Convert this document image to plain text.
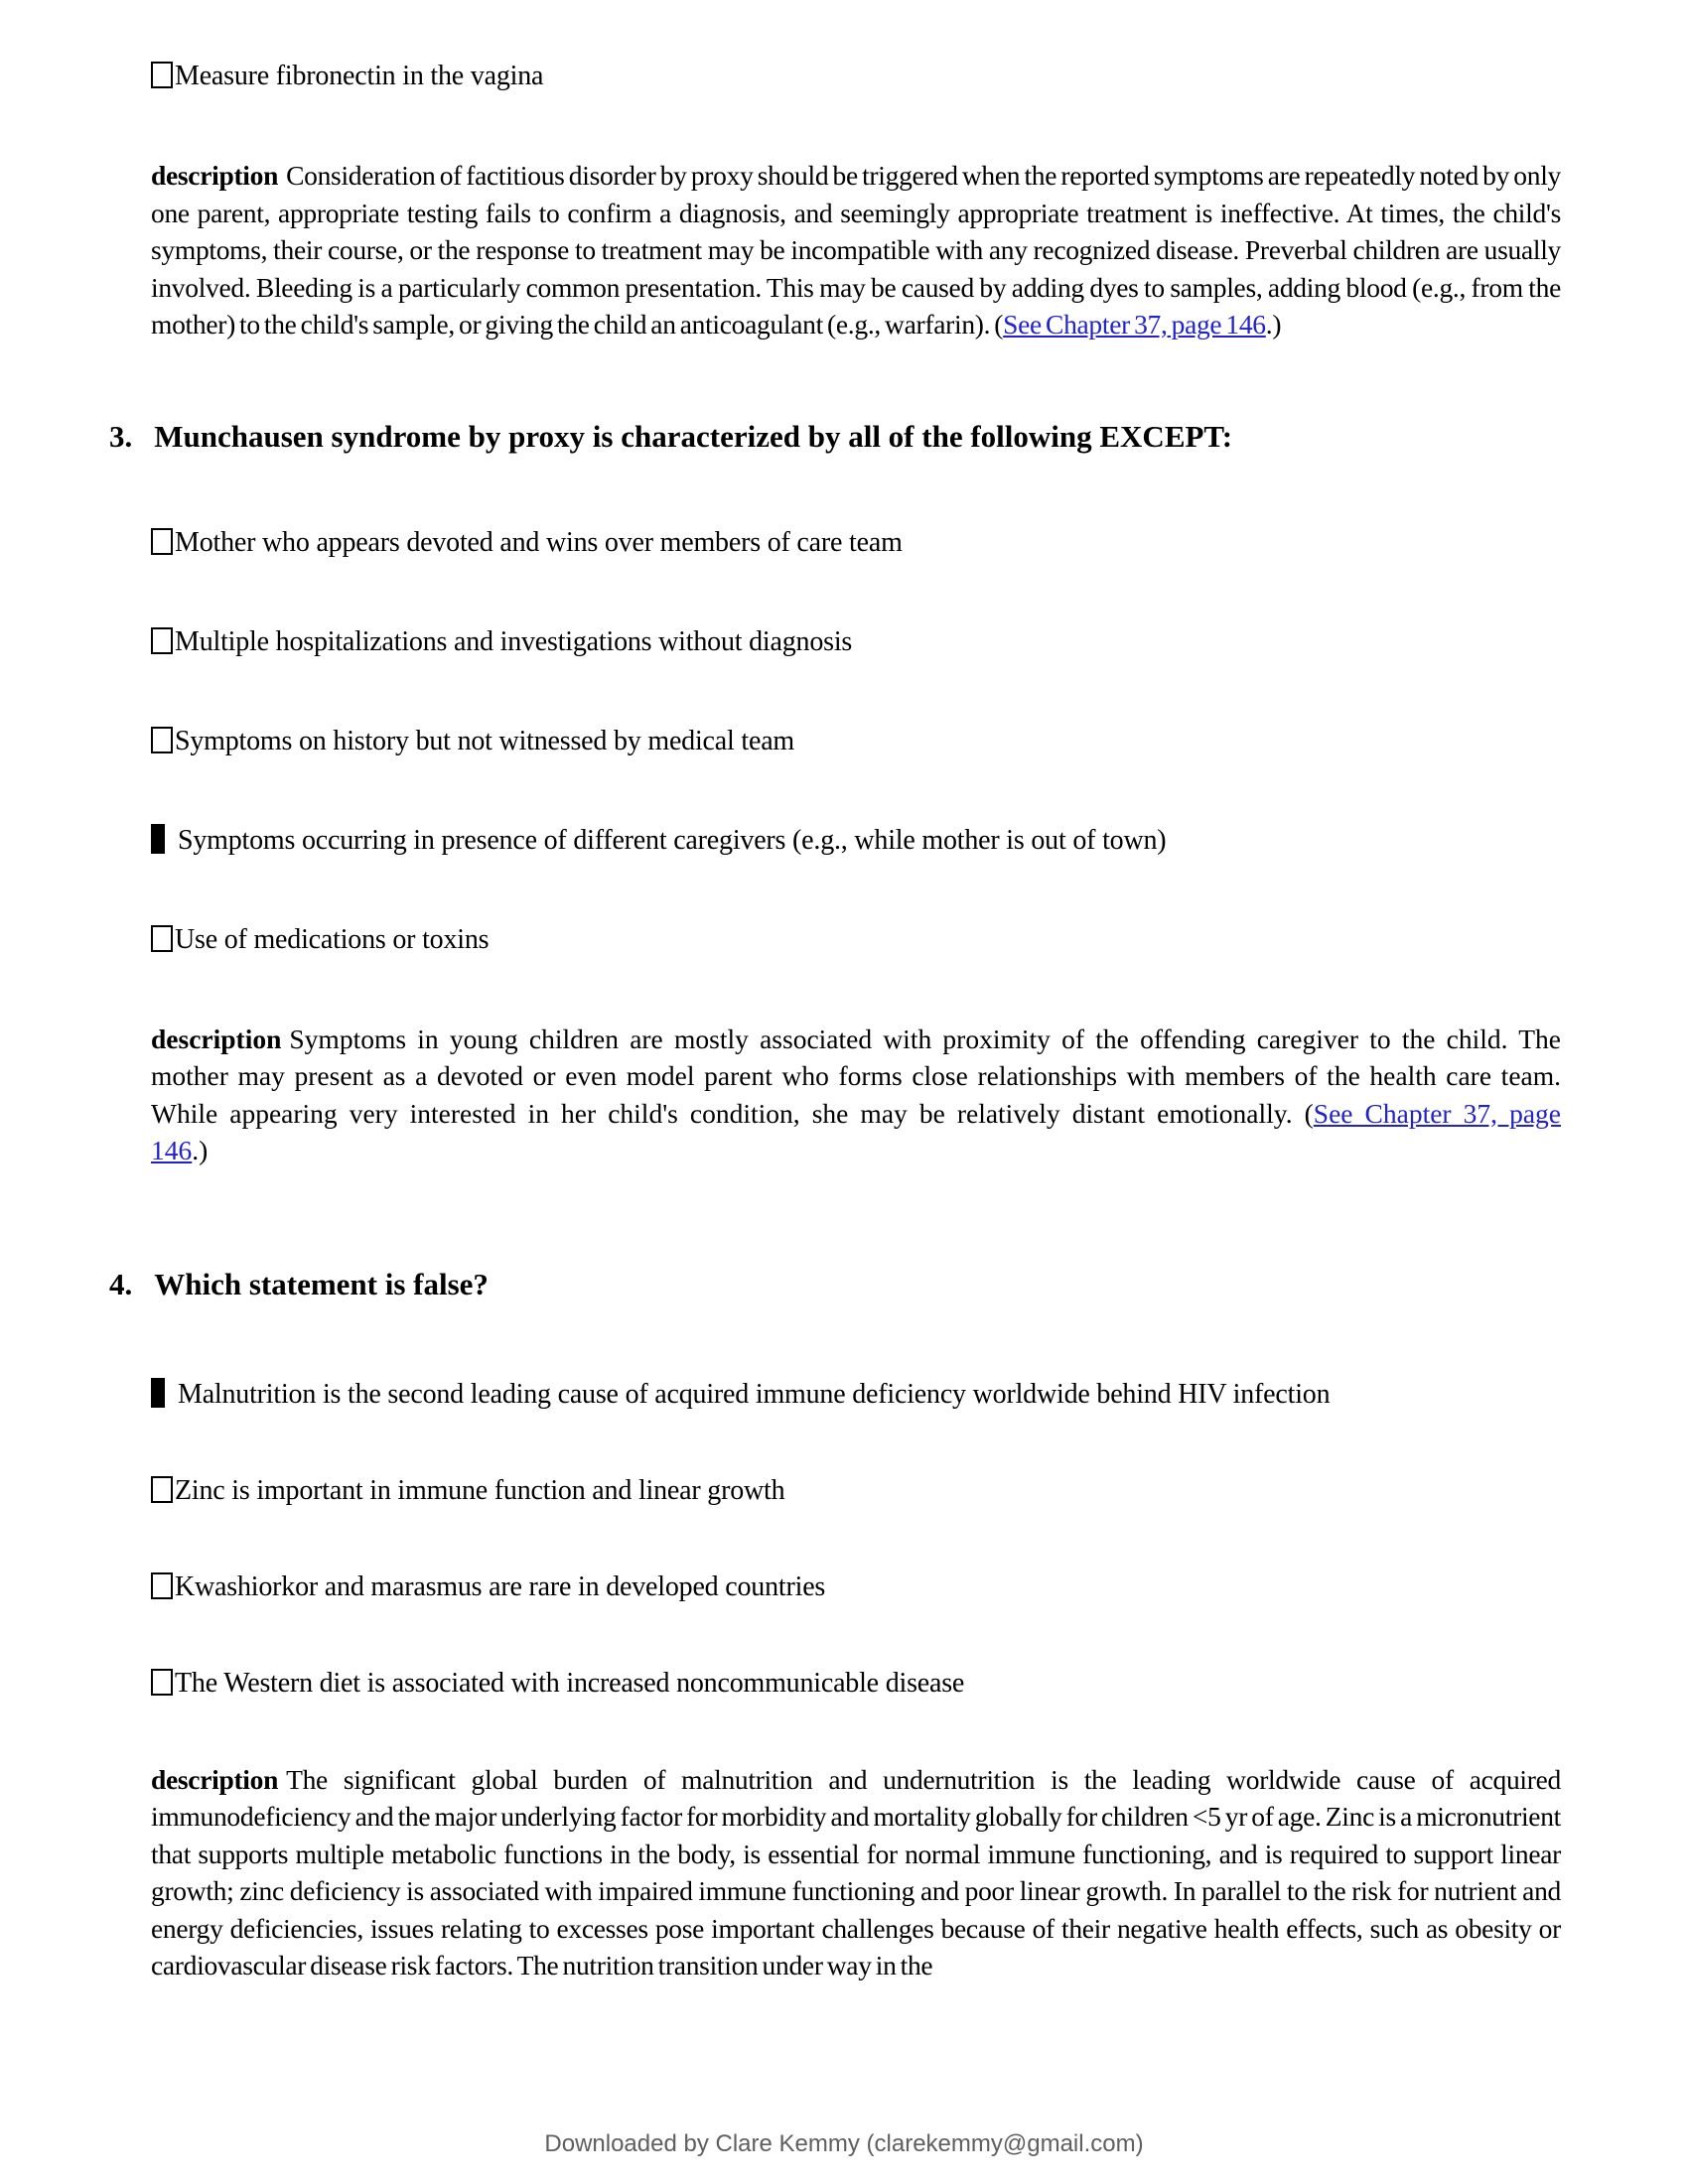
Measure fibronectin in the vagina

description Consideration of factitious disorder by proxy should be triggered when the reported symptoms are repeatedly noted by only one parent, appropriate testing fails to confirm a diagnosis, and seemingly appropriate treatment is ineffective. At times, the child's symptoms, their course, or the response to treatment may be incompatible with any recognized disease. Preverbal children are usually involved. Bleeding is a particularly common presentation. This may be caused by adding dyes to samples, adding blood (e.g., from the mother) to the child's sample, or giving the child an anticoagulant (e.g., warfarin). (See Chapter 37, page 146.)

3. Munchausen syndrome by proxy is characterized by all of the following EXCEPT:
Mother who appears devoted and wins over members of care team
Multiple hospitalizations and investigations without diagnosis
Symptoms on history but not witnessed by medical team
Symptoms occurring in presence of different caregivers (e.g., while mother is out of town)
Use of medications or toxins

description Symptoms in young children are mostly associated with proximity of the offending caregiver to the child. The mother may present as a devoted or even model parent who forms close relationships with members of the health care team. While appearing very interested in her child's condition, she may be relatively distant emotionally. (See Chapter 37, page 146.)

4. Which statement is false?
Malnutrition is the second leading cause of acquired immune deficiency worldwide behind HIV infection
Zinc is important in immune function and linear growth
Kwashiorkor and marasmus are rare in developed countries
The Western diet is associated with increased noncommunicable disease

description The significant global burden of malnutrition and undernutrition is the leading worldwide cause of acquired immunodeficiency and the major underlying factor for morbidity and mortality globally for children <5 yr of age. Zinc is a micronutrient that supports multiple metabolic functions in the body, is essential for normal immune functioning, and is required to support linear growth; zinc deficiency is associated with impaired immune functioning and poor linear growth. In parallel to the risk for nutrient and energy deficiencies, issues relating to excesses pose important challenges because of their negative health effects, such as obesity or cardiovascular disease risk factors. The nutrition transition under way in the

Downloaded by Clare Kemmy (clarekemmy@gmail.com)
